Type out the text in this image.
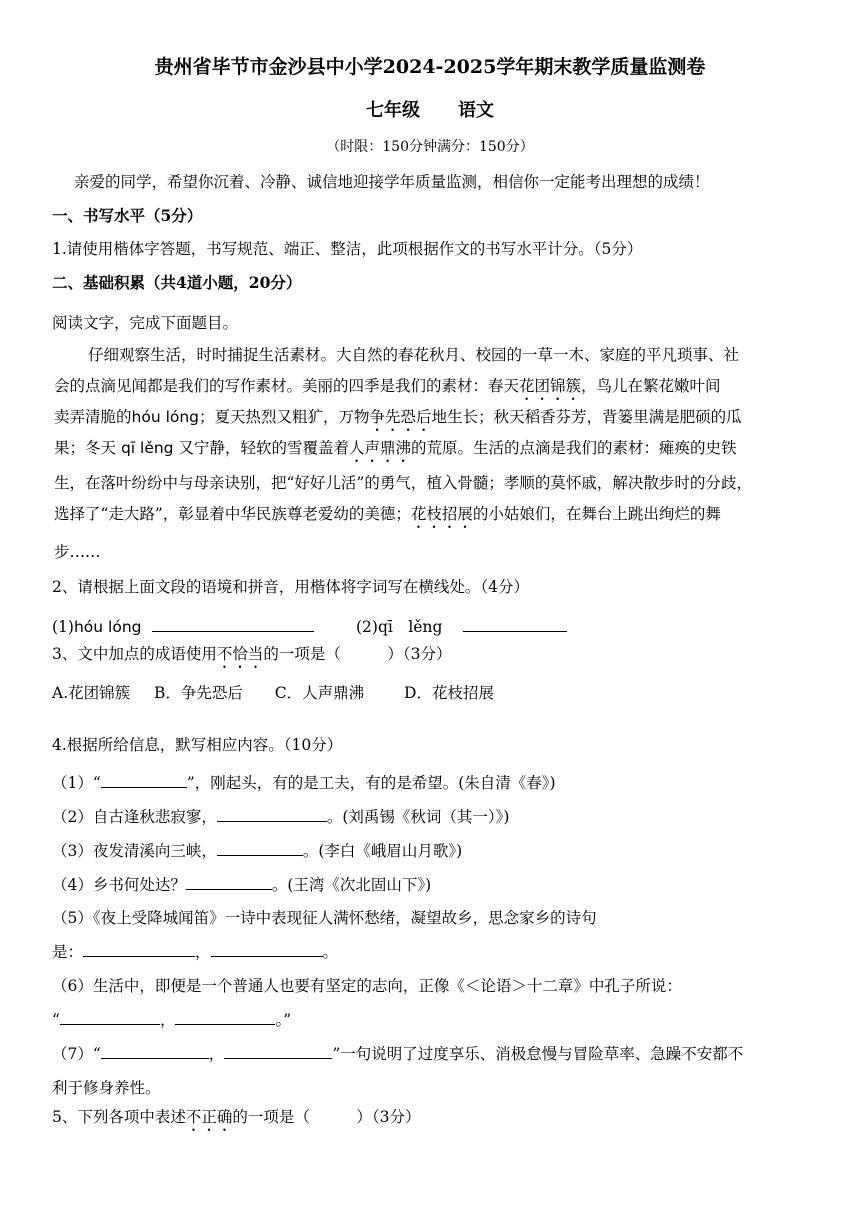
贵州省毕节市金沙县中小学2024-2025学年期末教学质量监测卷
七年级 语文
（时限：150分钟满分：150分）
亲爱的同学，希望你沉着、冷静、诚信地迎接学年质量监测，相信你一定能考出理想的成绩！
一、书写水平（5分）
1.请使用楷体字答题，书写规范、端正、整洁，此项根据作文的书写水平计分。（5分）
二、基础积累（共4道小题，20分）
阅读文字，完成下面题目。
仔细观察生活，时时捕捉生活素材。大自然的春花秋月、校园的一草一木、家庭的平凡琐事、社
会的点滴见闻都是我们的写作素材。美丽的四季是我们的素材：春天花团锦簇，鸟儿在繁花嫩叶间
卖弄清脆的hóu lóng；夏天热烈又粗犷，万物争先恐后地生长；秋天稻香芬芳，背篓里满是肥硕的瓜
果；冬天 qī lěng 又宁静，轻软的雪覆盖着人声鼎沸的荒原。生活的点滴是我们的素材：瘫痪的史铁
生，在落叶纷纷中与母亲诀别，把“好好儿活”的勇气，植入骨髓；孝顺的莫怀戚，解决散步时的分歧，
选择了“走大路”，彰显着中华民族尊老爱幼的美德；花枝招展的小姑娘们，在舞台上跳出绚烂的舞
步……
2、请根据上面文段的语境和拼音，用楷体将字词写在横线处。（4分）
(1)hóu lóng	(2)qī　lěng
3、文中加点的成语使用不恰当的一项是（　　　）（3分）
A.花团锦簇 B．争先恐后 C．人声鼎沸	D．花枝招展
4.根据所给信息，默写相应内容。（10分）
（1）“	”，刚起头，有的是工夫，有的是希望。(朱自清《春》)
（2）自古逢秋悲寂寥，	。(刘禹锡《秋词（其一）》)
（3）夜发清溪向三峡，	。(李白《峨眉山月歌》)
（4）乡书何处达？	。(王湾《次北固山下》)
（5）《夜上受降城闻笛》一诗中表现征人满怀愁绪，凝望故乡，思念家乡的诗句
是：	，	。
（6）生活中，即便是一个普通人也要有坚定的志向，正像《＜论语＞十二章》中孔子所说：
“	，	。”
（7）“	，	”一句说明了过度享乐、消极怠慢与冒险草率、急躁不安都不
利于修身养性。
5、下列各项中表述不正确的一项是（　　　）（3分）
